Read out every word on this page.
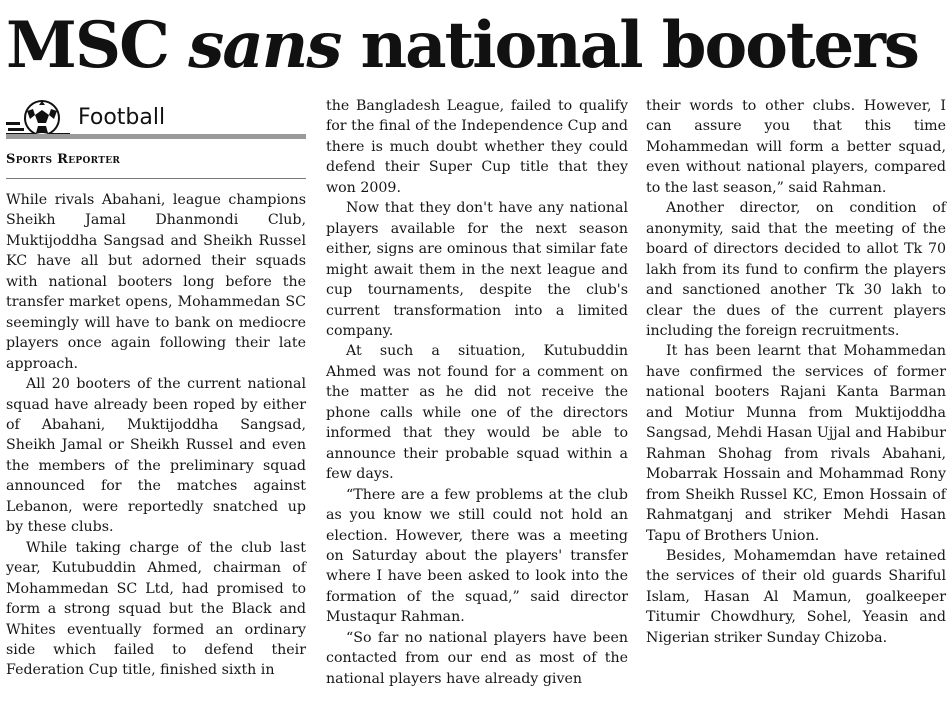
MSC sans national booters
Football
Sports Reporter

While rivals Abahani, league champions Sheikh Jamal Dhanmondi Club, Muktijoddha Sangsad and Sheikh Russel KC have all but adorned their squads with national booters long before the transfer market opens, Mohammedan SC seemingly will have to bank on mediocre players once again following their late approach.

All 20 booters of the current national squad have already been roped by either of Abahani, Muktijoddha Sangsad, Sheikh Jamal or Sheikh Russel and even the members of the preliminary squad announced for the matches against Lebanon, were reportedly snatched up by these clubs.

While taking charge of the club last year, Kutubuddin Ahmed, chairman of Mohammedan SC Ltd, had promised to form a strong squad but the Black and Whites eventually formed an ordinary side which failed to defend their Federation Cup title, finished sixth in

the Bangladesh League, failed to qualify for the final of the Independence Cup and there is much doubt whether they could defend their Super Cup title that they won 2009.

Now that they don't have any national players available for the next season either, signs are ominous that similar fate might await them in the next league and cup tournaments, despite the club's current transformation into a limited company.

At such a situation, Kutubuddin Ahmed was not found for a comment on the matter as he did not receive the phone calls while one of the directors informed that they would be able to announce their probable squad within a few days.

“There are a few problems at the club as you know we still could not hold an election. However, there was a meeting on Saturday about the players' transfer where I have been asked to look into the formation of the squad,” said director Mustaqur Rahman.

“So far no national players have been contacted from our end as most of the national players have already given

their words to other clubs. However, I can assure you that this time Mohammedan will form a better squad, even without national players, compared to the last season,” said Rahman.

Another director, on condition of anonymity, said that the meeting of the board of directors decided to allot Tk 70 lakh from its fund to confirm the players and sanctioned another Tk 30 lakh to clear the dues of the current players including the foreign recruitments.

It has been learnt that Mohammedan have confirmed the services of former national booters Rajani Kanta Barman and Motiur Munna from Muktijoddha Sangsad, Mehdi Hasan Ujjal and Habibur Rahman Shohag from rivals Abahani, Mobarrak Hossain and Mohammad Rony from Sheikh Russel KC, Emon Hossain of Rahmatganj and striker Mehdi Hasan Tapu of Brothers Union.

Besides, Mohamemdan have retained the services of their old guards Shariful Islam, Hasan Al Mamun, goalkeeper Titumir Chowdhury, Sohel, Yeasin and Nigerian striker Sunday Chizoba.
